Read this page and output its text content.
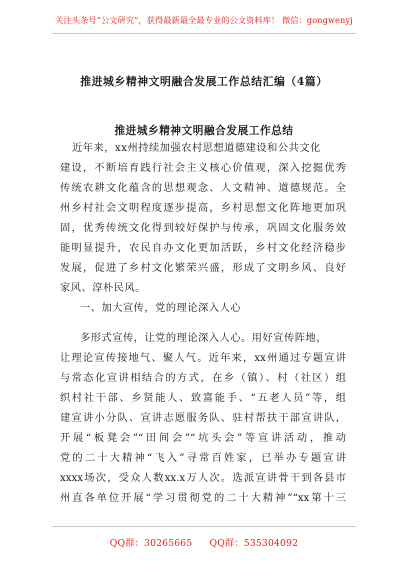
关注头条号“公文研究”，获得最新最全最专业的公文资料库！ 微信：gongwenyj
推进城乡精神文明融合发展工作总结汇编（4篇）
推进城乡精神文明融合发展工作总结
近年来，xx州持续加强农村思想道德建设和公共文化
建设，不断培育践行社会主义核心价值观，深入挖掘优秀
传统农耕文化蕴含的思想观念、人文精神、道德规范。全
州乡村社会文明程度逐步提高，乡村思想文化阵地更加巩
固，优秀传统文化得到较好保护与传承，巩固文化服务效
能明显提升，农民自办文化更加活跃，乡村文化经济稳步
发展，促进了乡村文化繁荣兴盛，形成了文明乡风、良好
家风、淳朴民风。
一、加大宣传，党的理论深入人心
多形式宣传，让党的理论深入人心。用好宣传阵地，
让理论宣传接地气、聚人气。近年来，xx州通过专题宣讲
与常态化宣讲相结合的方式，在乡（镇）、村（社区）组
织村社干部、乡贤能人、致富能手、“五老人员”等，组
建宣讲小分队、宣讲志愿服务队、驻村帮扶干部宣讲队，
开展“板凳会”“田间会”“坑头会”等宣讲活动，推动
党的二十大精神“飞入”寻常百姓家，已举办专题宣讲
xxxx场次，受众人数xx.x万人次。选派宣讲骨干到各县市
州直各单位开展“学习贯彻党的二十大精神”“xx第十三
QQ群：30265665 QQ群：535304092
